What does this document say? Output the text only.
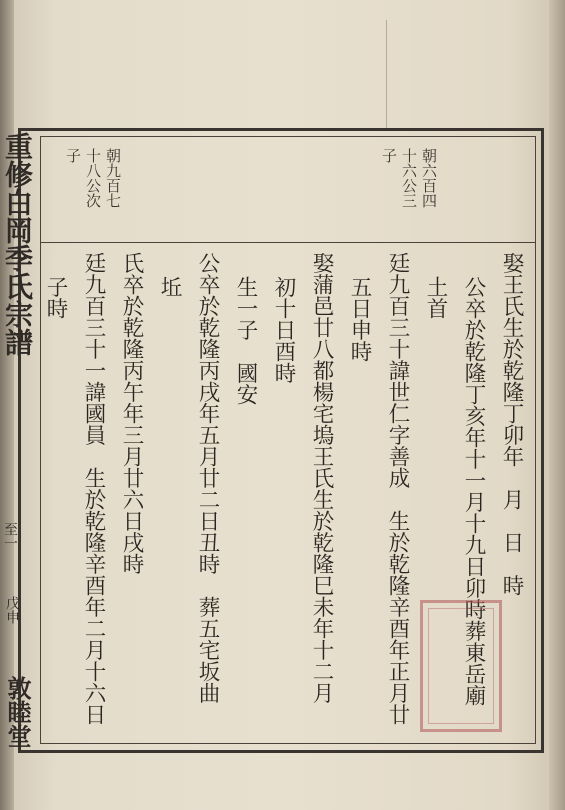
重修白岡季氏宗譜
至一
戊申
敦睦堂
朝六百四
十六公三
子
朝九百七
十八公次
子
娶王氏生於乾隆丁卯年　月　日　時
公卒於乾隆丁亥年十一月十九日卯時葬東岳廟
土首
廷九百三十諱世仁字善成　生於乾隆辛酉年正月廿
五日申時
娶蒲邑廿八都楊宅塢王氏生於乾隆巳未年十二月
初十日酉時
生一子　國安
公卒於乾隆丙戌年五月廿二日丑時　葬五宅坂曲
坵
氏卒於乾隆丙午年三月廿六日戌時
廷九百三十一諱國員　生於乾隆辛酉年二月十六日
子時
